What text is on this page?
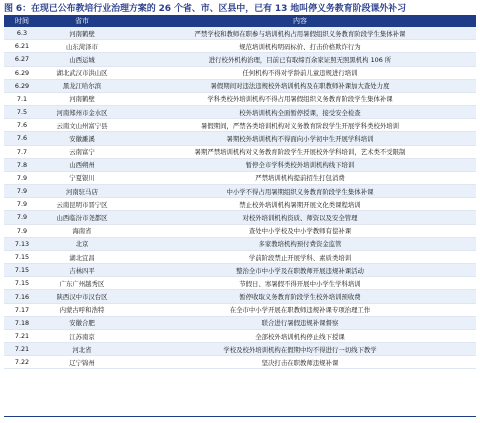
图 6：在现已公布教培行业治理方案的 26 个省、市、区县中，已有 13 地叫停义务教育阶段课外补习
时间	省市	内容
6.3	河南鹤壁	严禁学校和教师在职参与培训机构占用暑假组织义务教育阶段学生集体补课
6.21	山东菏泽市	规范培训机构明码标价、打击价格欺诈行为
6.27	山西运城	进行校外机构治理，目前已有取缔百余家证照无照黑机构 106 所
6.29	湖北武汉市洪山区	任何机构不得对学龄前儿童违规进行培训
6.29	黑龙江哈尔滨	暑假期间对违法违规校外培训机构及在职教师补课加大查处力度
7.1	河南鹤壁	学科类校外培训机构不得占用暑假组织义务教育阶段学生集体补课
7.5	河南郑州市金水区	校外培训机构全面暂停授课，接受安全检查
7.6	云南文山州富宁县	暑假期间，严禁各类培训机构对义务教育阶段学生开展学科类校外培训
7.6	安徽濉溪	暑期校外培训机构不得面向小学初中生开展学科培训
7.7	云南富宁	暑期严禁培训机构对义务教育阶段学生开展校外学科培训，艺术类不受限制
7.8	山西朔州	暂停全市学科类校外培训机构线下培训
7.9	宁夏银川	严禁培训机构提前招生打包消费
7.9	河南驻马店	中小学不得占用暑期组织义务教育阶段学生集体补课
7.9	云南昆明市晋宁区	禁止校外培训机构暑期开展文化类课程培训
7.9	山西临汾市尧都区	对校外培训机构资质、师资以及安全管理
7.9	海南省	查处中小学校及中小学教师有偿补课
7.13	北京	多家教培机构预付费资金监管
7.15	湖北宜昌	学前阶段禁止开展学科、素质类培训
7.15	吉林四平	整治全市中小学及在职教师开展违规补课活动
7.15	广东广州越秀区	节假日、寒暑假不得开展中小学生学科培训
7.16	陕西汉中市汉台区	暂停收取义务教育阶段学生校外培训预收费
7.17	内蒙古呼和浩特	在全市中小学开展在职教师违规补课专项治理工作
7.18	安徽合肥	联合进行暑假违规补课督察
7.21	江苏南京	全部校外培训机构停止线下授课
7.21	河北省	学校及校外培训机构在假期中均不得进行一切线下教学
7.22	辽宁锦州	坚决打击在职教师违规补课
